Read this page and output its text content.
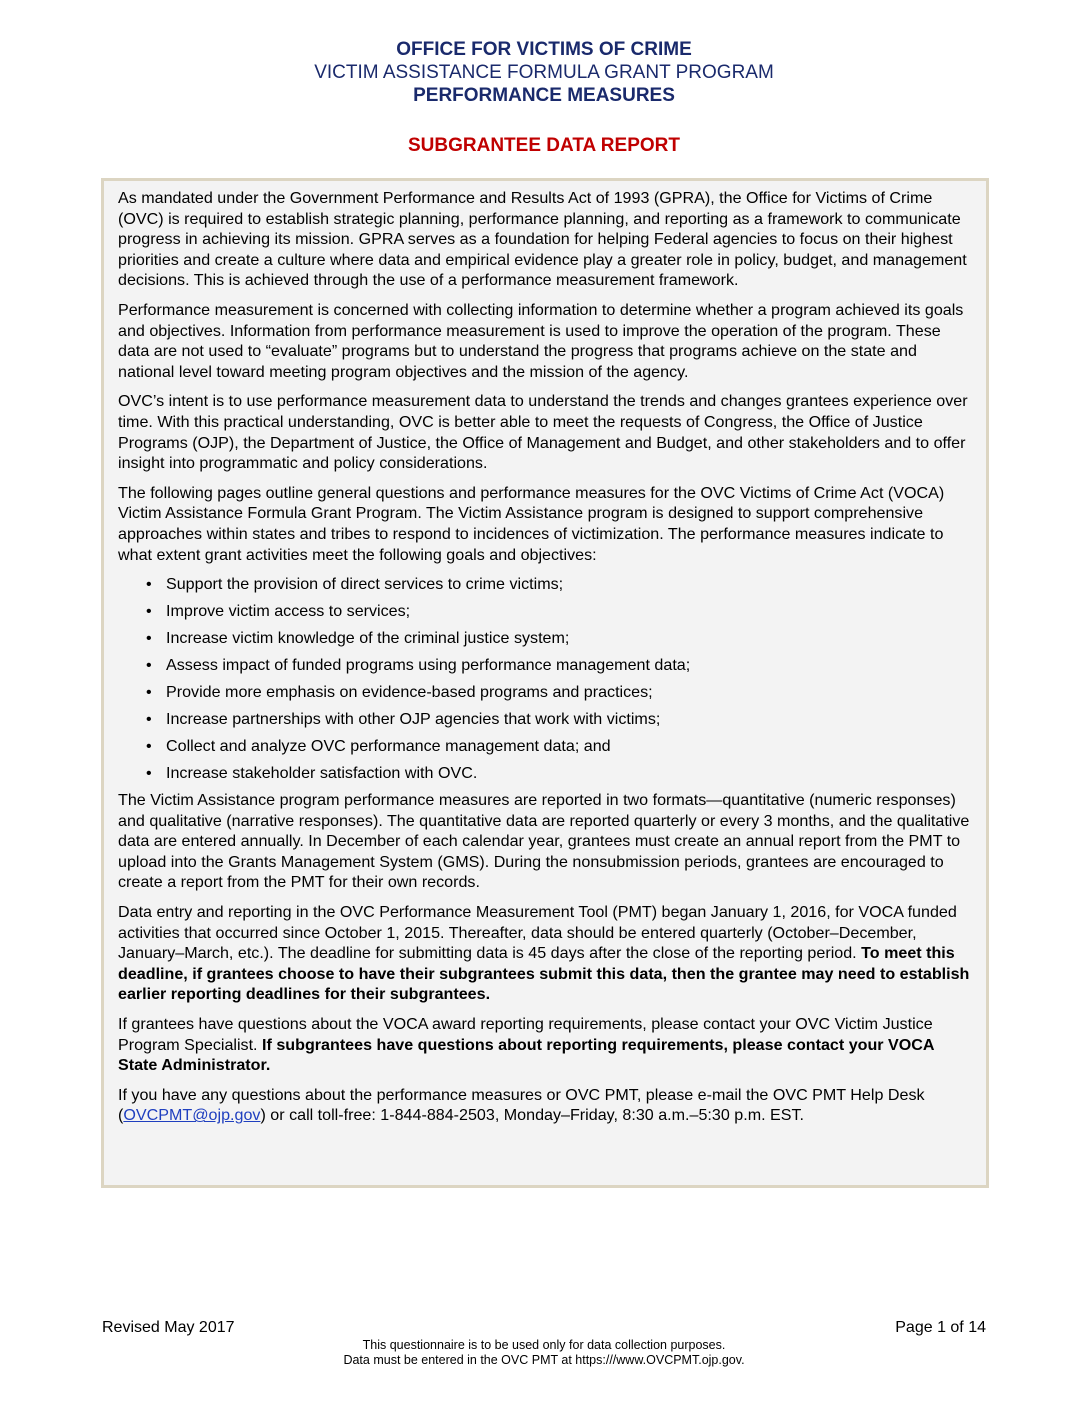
OFFICE FOR VICTIMS OF CRIME
VICTIM ASSISTANCE FORMULA GRANT PROGRAM
PERFORMANCE MEASURES
SUBGRANTEE DATA REPORT

As mandated under the Government Performance and Results Act of 1993 (GPRA), the Office for Victims of Crime (OVC) is required to establish strategic planning, performance planning, and reporting as a framework to communicate progress in achieving its mission. GPRA serves as a foundation for helping Federal agencies to focus on their highest priorities and create a culture where data and empirical evidence play a greater role in policy, budget, and management decisions. This is achieved through the use of a performance measurement framework.

Performance measurement is concerned with collecting information to determine whether a program achieved its goals and objectives. Information from performance measurement is used to improve the operation of the program. These data are not used to “evaluate” programs but to understand the progress that programs achieve on the state and national level toward meeting program objectives and the mission of the agency.

OVC’s intent is to use performance measurement data to understand the trends and changes grantees experience over time. With this practical understanding, OVC is better able to meet the requests of Congress, the Office of Justice Programs (OJP), the Department of Justice, the Office of Management and Budget, and other stakeholders and to offer insight into programmatic and policy considerations.

The following pages outline general questions and performance measures for the OVC Victims of Crime Act (VOCA) Victim Assistance Formula Grant Program. The Victim Assistance program is designed to support comprehensive approaches within states and tribes to respond to incidences of victimization. The performance measures indicate to what extent grant activities meet the following goals and objectives:

• Support the provision of direct services to crime victims;
• Improve victim access to services;
• Increase victim knowledge of the criminal justice system;
• Assess impact of funded programs using performance management data;
• Provide more emphasis on evidence-based programs and practices;
• Increase partnerships with other OJP agencies that work with victims;
• Collect and analyze OVC performance management data; and
• Increase stakeholder satisfaction with OVC.

The Victim Assistance program performance measures are reported in two formats—quantitative (numeric responses) and qualitative (narrative responses). The quantitative data are reported quarterly or every 3 months, and the qualitative data are entered annually. In December of each calendar year, grantees must create an annual report from the PMT to upload into the Grants Management System (GMS). During the nonsubmission periods, grantees are encouraged to create a report from the PMT for their own records.

Data entry and reporting in the OVC Performance Measurement Tool (PMT) began January 1, 2016, for VOCA funded activities that occurred since October 1, 2015. Thereafter, data should be entered quarterly (October–December, January–March, etc.). The deadline for submitting data is 45 days after the close of the reporting period. To meet this deadline, if grantees choose to have their subgrantees submit this data, then the grantee may need to establish earlier reporting deadlines for their subgrantees.

If grantees have questions about the VOCA award reporting requirements, please contact your OVC Victim Justice Program Specialist. If subgrantees have questions about reporting requirements, please contact your VOCA State Administrator.

If you have any questions about the performance measures or OVC PMT, please e-mail the OVC PMT Help Desk (OVCPMT@ojp.gov) or call toll-free: 1-844-884-2503, Monday–Friday, 8:30 a.m.–5:30 p.m. EST.

Revised May 2017	Page 1 of 14
This questionnaire is to be used only for data collection purposes.
Data must be entered in the OVC PMT at https:///www.OVCPMT.ojp.gov.
